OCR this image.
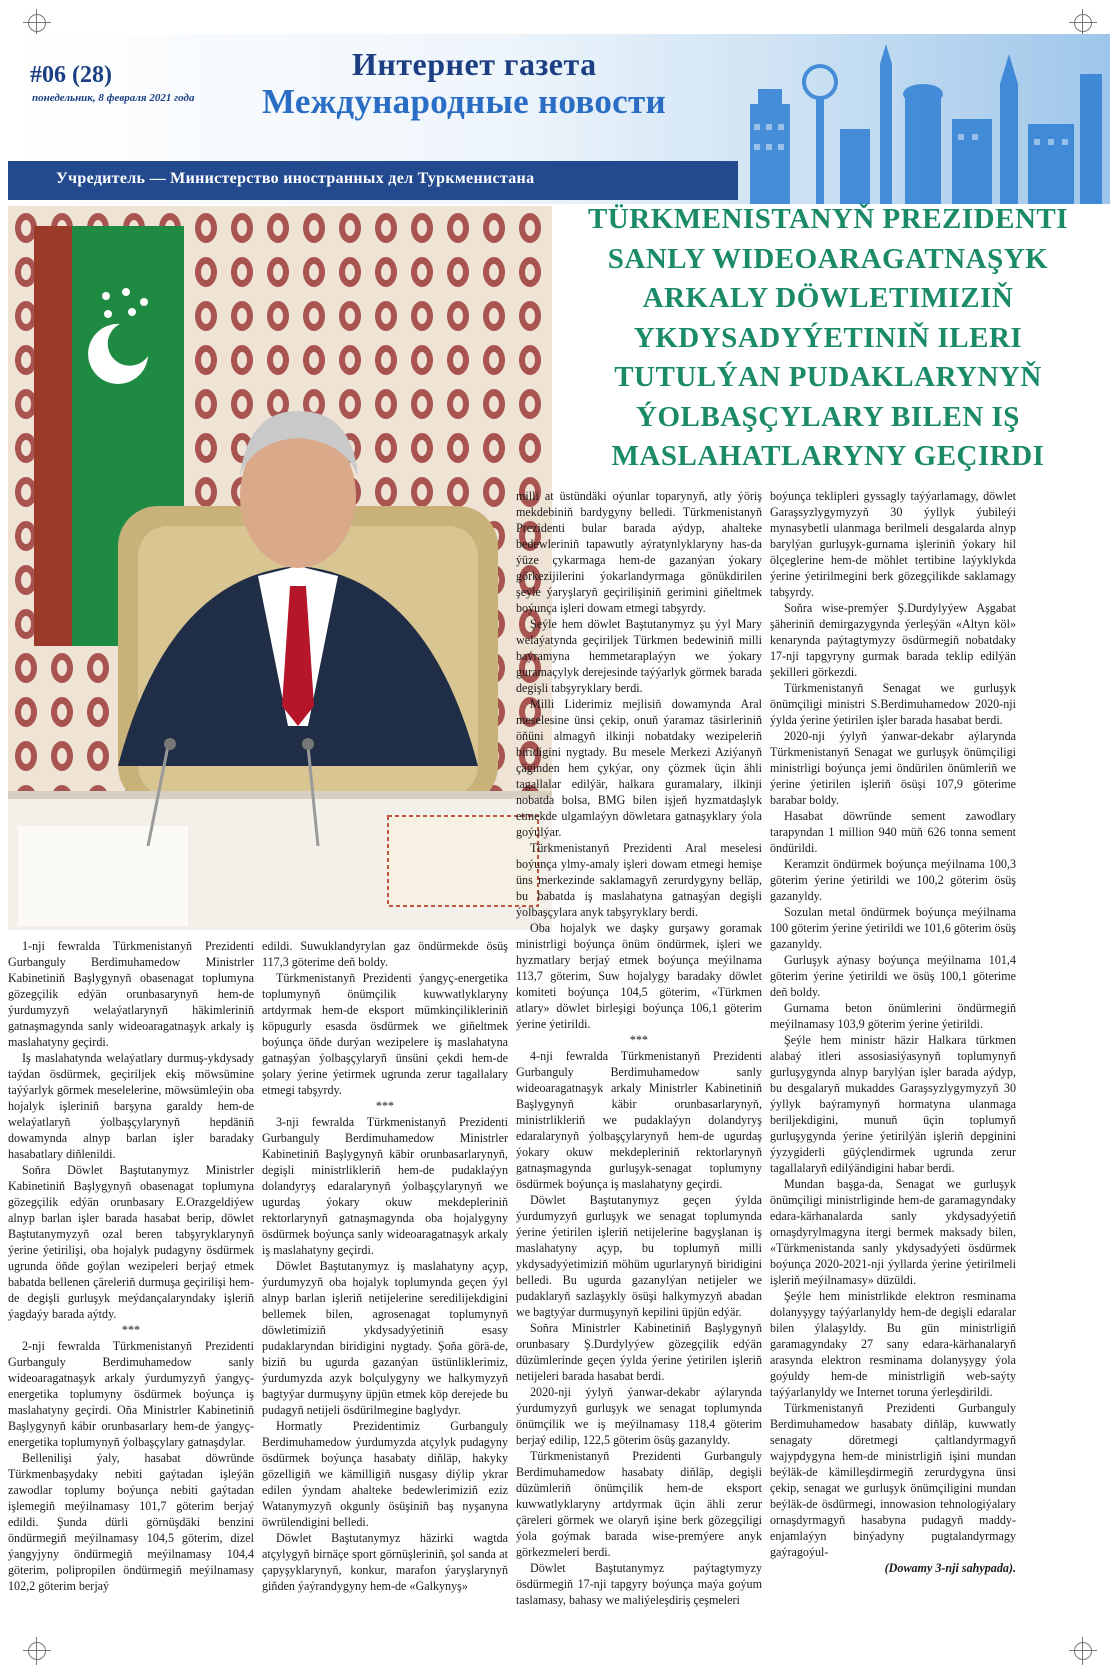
#06 (28)
понедельник, 8 февраля 2021 года
Интернет газета
Международные новости
Учредитель — Министерство иностранных дел Туркменистана
TÜRKMENISTANYŇ PREZIDENTI SANLY WIDEOARAGATNAŞYK ARKALY DÖWLETIMIZIŇ YKDYSADYÝETINIŇ ILERI TUTULÝAN PUDAKLARYNYŇ ÝOLBAŞÇYLARY BILEN IŞ MASLAHATLARYNY GEÇIRDI

1-nji fewralda Türkmenistanyň Prezidenti Gurbanguly Berdimuhamedow Ministrler Kabinetiniň Başlygynyň obasenagat toplumyna gözegçilik edýän orunbasarynyň hem-de ýurdumyzyň welaýatlarynyň häkimleriniň gatnaşmagynda sanly wideoaragatnaşyk arkaly iş maslahatyny geçirdi.

Iş maslahatynda welaýatlary durmuş-ykdysady taýdan ösdürmek, geçiriljek ekiş möwsümine taýýarlyk görmek meselelerine, möwsümleýin oba hojalyk işleriniň barşyna garaldy hem-de welaýatlaryň ýolbaşçylarynyň hepdäniň dowamynda alnyp barlan işler baradaky hasabatlary diňlenildi.

Soňra Döwlet Baştutanymyz Ministrler Kabinetiniň Başlygynyň obasenagat toplumyna gözegçilik edýän orunbasary E.Orazgeldiýew alnyp barlan işler barada hasabat berip, döwlet Baştutanymyzyň ozal beren tabşyryklarynyň ýerine ýetirilişi, oba hojalyk pudagyny ösdürmek ugrunda öňde goýlan wezipeleri berjaý etmek babatda bellenen çäreleriň durmuşa geçirilişi hem-de degişli gurluşyk meýdançalaryndaky işleriň ýagdaýy barada aýtdy.

***

2-nji fewralda Türkmenistanyň Prezidenti Gurbanguly Berdimuhamedow sanly wideoaragatnaşyk arkaly ýurdumyzyň ýangyç-energetika toplumyny ösdürmek boýunça iş maslahatyny geçirdi. Oňa Ministrler Kabinetiniň Başlygynyň kábir orunbasarlary hem-de ýangyç-energetika toplumynyň ýolbaşçylary gatnaşdylar.

Bellenilişi ýaly, hasabat döwründe Türkmenbaşydaky nebiti gaýtadan işleýän zawodlar toplumy boýunça nebiti gaýtadan işlemegiň meýilnamasy 101,7 göterim berjaý edildi. Şunda dürli görnüşdäki benzini öndürmegiň meýilnamasy 104,5 göterim, dizel ýangyjyny öndürmegiň meýilnamasy 104,4 göterim, polipropilen öndürmegiň meýilnamasy 102,2 göterim berjaý

edildi. Suwuklandyrylan gaz öndürmekde ösüş 117,3 göterime deň boldy.

Türkmenistanyň Prezidenti ýangyç-energetika toplumynyň önümçilik kuwwatlyklaryny artdyrmak hem-de eksport mümkinçilikleriniň köpugurly esasda ösdürmek we giňeltmek boýunça öňde durýan wezipelere iş maslahatyna gatnaşýan ýolbaşçylaryň ünsüni çekdi hem-de şolary ýerine ýetirmek ugrunda zerur tagallalary etmegi tabşyrdy.

***

3-nji fewralda Türkmenistanyň Prezidenti Gurbanguly Berdimuhamedow Ministrler Kabinetiniň Başlygynyň käbir orunbasarlarynyň, degişli ministrlikleriň hem-de pudaklaýyn dolandyryş edaralarynyň ýolbaşçylarynyň we ugurdaş ýokary okuw mekdepleriniň rektorlarynyň gatnaşmagynda oba hojalygyny ösdürmek boýunça sanly wideoaragatnaşyk arkaly iş maslahatyny geçirdi.

Döwlet Baştutanymyz iş maslahatyny açyp, ýurdumyzyň oba hojalyk toplumynda geçen ýyl alnyp barlan işleriň netijelerine seredilijekdigini bellemek bilen, agrosenagat toplumynyň döwletimiziň ykdysadyýetiniň esasy pudaklaryndan biridigini nygtady. Şoňa görä-de, biziň bu ugurda gazanýan üstünliklerimiz, ýurdumyzda azyk bolçulygyny we halkymyzyň bagtyýar durmuşyny üpjün etmek köp derejede bu pudagyň netijeli ösdürilmegine baglydyr.

Hormatly Prezidentimiz Gurbanguly Berdimuhamedow ýurdumyzda atçylyk pudagyny ösdürmek boýunça hasabaty diňläp, hakyky gözelligiň we kämilligiň nusgasy diýlip ykrar edilen ýyndam ahalteke bedewlerimiziň eziz Watanymyzyň okgunly ösüşiniň baş nyşanyna öwrülendigini belledi.

Döwlet Baştutanymyz häzirki wagtda atçylygyň birnäçe sport görnüşleriniň, şol sanda at çapyşyklarynyň, konkur, marafon ýaryşlarynyň giňden ýaýrandygyny hem-de «Galkynyş»

milli at üstündäki oýunlar toparynyň, atly ýöriş mekdebiniň bardygyny belledi. Türkmenistanyň Prezidenti bular barada aýdyp, ahalteke bedewleriniň tapawutly aýratynlyklaryny has-da ýüze çykarmaga hem-de gazanýan ýokary görkezijilerini ýokarlandyrmaga gönükdirilen şeýle ýaryşlaryň geçirilişiniň gerimini giňeltmek boýunça işleri dowam etmegi tabşyrdy.

Şeýle hem döwlet Baştutanymyz şu ýyl Mary welaýatynda geçiriljek Türkmen bedewiniň milli baýramyna hemmetaraplaýyn we ýokary guramaçylyk derejesinde taýýarlyk görmek barada degişli tabşyryklary berdi.

Milli Liderimiz mejlisiň dowamynda Aral meselesine ünsi çekip, onuň ýaramaz täsirleriniň öňüni almagyň ilkinji nobatdaky wezipeleriň biridigini nygtady. Bu mesele Merkezi Aziýanyň çäginden hem çykýar, ony çözmek üçin ähli tagallalar edilýär, halkara guramalary, ilkinji nobatda bolsa, BMG bilen işjeň hyzmatdaşlyk etmekde ulgamlaýyn döwletara gatnaşyklary ýola goýulýar.

Türkmenistanyň Prezidenti Aral meselesi boýunça ylmy-amaly işleri dowam etmegi hemişe üns merkezinde saklamagyň zerurdygyny belläp, bu babatda iş maslahatyna gatnaşýan degişli ýolbaşçylara anyk tabşyryklary berdi.

Oba hojalyk we daşky gurşawy goramak ministrligi boýunça önüm öndürmek, işleri we hyzmatlary berjaý etmek boýunça meýilnama 113,7 göterim, Suw hojalygy baradaky döwlet komiteti boýunça 104,5 göterim, «Türkmen atlary» döwlet birleşigi boýunça 106,1 göterim ýerine ýetirildi.

***

4-nji fewralda Türkmenistanyň Prezidenti Gurbanguly Berdimuhamedow sanly wideoaragatnaşyk arkaly Ministrler Kabinetiniň Başlygynyň käbir orunbasarlarynyň, ministrlikleriň we pudaklaýyn dolandyryş edaralarynyň ýolbaşçylarynyň hem-de ugurdaş ýokary okuw mekdepleriniň rektorlarynyň gatnaşmagynda gurluşyk-senagat toplumyny ösdürmek boýunça iş maslahatyny geçirdi.

Döwlet Baştutanymyz geçen ýylda ýurdumyzyň gurluşyk we senagat toplumynda ýerine ýetirilen işleriň netijelerine bagyşlanan iş maslahatyny açyp, bu toplumyň milli ykdysadyýetimiziň möhüm ugurlarynyň biridigini belledi. Bu ugurda gazanylýan netijeler we pudaklaryň sazlaşykly ösüşi halkymyzyň abadan we bagtyýar durmuşynyň kepilini üpjün edýär.

Soňra Ministrler Kabinetiniň Başlygynyň orunbasary Ş.Durdylyýew gözegçilik edýän düzümlerinde geçen ýylda ýerine ýetirilen işleriň netijeleri barada hasabat berdi.

2020-nji ýylyň ýanwar-dekabr aýlarynda ýurdumyzyň gurluşyk we senagat toplumynda önümçilik we iş meýilnamasy 118,4 göterim berjaý edilip, 122,5 göterim ösüş gazanyldy.

Türkmenistanyň Prezidenti Gurbanguly Berdimuhamedow hasabaty diňläp, degişli düzümleriň önümçilik hem-de eksport kuwwatlyklaryny artdyrmak üçin ähli zerur çäreleri görmek we olaryň işine berk gözegçiligi ýola goýmak barada wise-premýere anyk görkezmeleri berdi.

Döwlet Baştutanymyz paýtagtymyzy ösdürmegiň 17-nji tapgyry boýunça maýa goýum taslamasy, bahasy we maliýeleşdiriş çeşmeleri

boýunça teklipleri gyssagly taýýarlamagy, döwlet Garaşsyzlygymyzyň 30 ýyllyk ýubileýi mynasybetli ulanmaga berilmeli desgalarda alnyp barylýan gurluşyk-gurnama işleriniň ýokary hil ölçeglerine hem-de möhlet tertibine laýyklykda ýerine ýetirilmegini berk gözegçilikde saklamagy tabşyrdy.

Soňra wise-premýer Ş.Durdylyýew Aşgabat şäheriniň demirgazygynda ýerleşýän «Altyn köl» kenarynda paýtagtymyzy ösdürmegiň nobatdaky 17-nji tapgyryny gurmak barada teklip edilýän şekilleri görkezdi.

Türkmenistanyň Senagat we gurluşyk önümçiligi ministri S.Berdimuhamedow 2020-nji ýylda ýerine ýetirilen işler barada hasabat berdi.

2020-nji ýylyň ýanwar-dekabr aýlarynda Türkmenistanyň Senagat we gurluşyk önümçiligi ministrligi boýunça jemi öndürilen önümleriň we ýerine ýetirilen işleriň ösüşi 107,9 göterime barabar boldy.

Hasabat döwründe sement zawodlary tarapyndan 1 million 940 müň 626 tonna sement öndürildi.

Keramzit öndürmek boýunça meýilnama 100,3 göterim ýerine ýetirildi we 100,2 göterim ösüş gazanyldy.

Sozulan metal öndürmek boýunça meýilnama 100 göterim ýerine ýetirildi we 101,6 göterim ösüş gazanyldy.

Gurluşyk aýnasy boýunça meýilnama 101,4 göterim ýerine ýetirildi we ösüş 100,1 göterime deň boldy.

Gurnama beton önümlerini öndürmegiň meýilnamasy 103,9 göterim ýerine ýetirildi.

Şeýle hem ministr häzir Halkara türkmen alabaý itleri assosiasiýasynyň toplumynyň gurluşygynda alnyp barylýan işler barada aýdyp, bu desgalaryň mukaddes Garaşsyzlygymyzyň 30 ýyllyk baýramynyň hormatyna ulanmaga beriljekdigini, munuň üçin toplumyň gurluşygynda ýerine ýetirilýän işleriň depginini ýyzygiderli güýçlendirmek ugrunda zerur tagallalaryň edilýändigini habar berdi.

Mundan başga-da, Senagat we gurluşyk önümçiligi ministrliginde hem-de garamagyndaky edara-kärhanalarda sanly ykdysadyýetiň ornaşdyrylmagyna itergi bermek maksady bilen, «Türkmenistanda sanly ykdysadyýeti ösdürmek boýunça 2020-2021-nji ýyllarda ýerine ýetirilmeli işleriň meýilnamasy» düzüldi.

Şeýle hem ministrlikde elektron resminama dolanyşygy taýýarlanyldy hem-de degişli edaralar bilen ýlalaşyldy. Bu gün ministrligiň garamagyndaky 27 sany edara-kärhanalaryň arasynda elektron resminama dolanyşygy ýola goýuldy hem-de ministrligiň web-saýty taýýarlanyldy we Internet toruna ýerleşdirildi.

Türkmenistanyň Prezidenti Gurbanguly Berdimuhamedow hasabaty diňläp, kuwwatly senagaty döretmegi çaltlandyrmagyň wajypdygyna hem-de ministrligiň işini mundan beýläk-de kämilleşdirmegiň zerurdygyna ünsi çekip, senagat we gurluşyk önümçiligini mundan beýläk-de ösdürmegi, innowasion tehnologiýalary ornaşdyrmagyň hasabyna pudagyň maddy-enjamlaýyn binýadyny pugtalandyrmagy gaýragoýul-

(Dowamy 3-nji sahypada).
